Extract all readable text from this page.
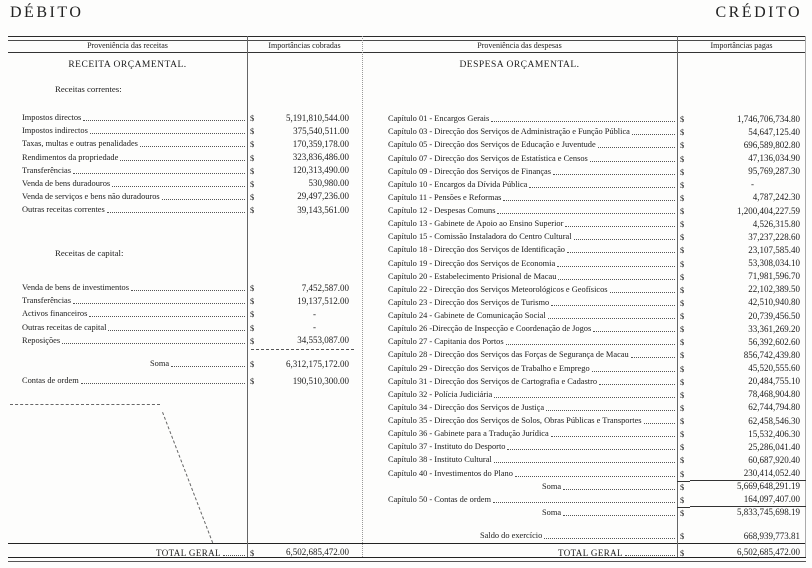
DÉBITO	CRÉDITO
Proveniência das receitas	Importâncias cobradas	Proveniência das despesas	Importâncias pagas
RECEITA ORÇAMENTAL.
Receitas correntes:
Impostos directos	$	5,191,810,544.00
Impostos indirectos	$	375,540,511.00
Taxas, multas e outras penalidades	$	170,359,178.00
Rendimentos da propriedade	$	323,836,486.00
Transferências	$	120,313,490.00
Venda de bens duradouros	$	530,980.00
Venda de serviços e bens não duradouros	$	29,497,236.00
Outras receitas correntes	$	39,143,561.00
Receitas de capital:
Venda de bens de investimentos	$	7,452,587.00
Transferências	$	19,137,512.00
Activos financeiros	$	-
Outras receitas de capital	$	-
Reposições	$	34,553,087.00
Soma	$	6,312,175,172.00
Contas de ordem	$	190,510,300.00
DESPESA ORÇAMENTAL.
Capítulo 01 - Encargos Gerais	$	1,746,706,734.80
Capítulo 03 - Direcção dos Serviços de Administração e Função Pública	$	54,647,125.40
Capítulo 05 - Direcção dos Serviços de Educação e Juventude	$	696,589,802.80
Capítulo 07 - Direcção dos Serviços de Estatística e Censos	$	47,136,034.90
Capítulo 09 - Direcção dos Serviços de Finanças	$	95,769,287.30
Capítulo 10 - Encargos da Dívida Pública	$	-
Capítulo 11 - Pensões e Reformas	$	4,787,242.30
Capítulo 12 - Despesas Comuns	$	1,200,404,227.59
Capítulo 13 - Gabinete de Apoio ao Ensino Superior	$	4,526,315.80
Capítulo 15 - Comissão Instaladora do Centro Cultural	$	37,237,228.60
Capítulo 18 - Direcção dos Serviços de Identificação	$	23,107,585.40
Capítulo 19 - Direcção dos Serviços de Economia	$	53,308,034.10
Capítulo 20 - Estabelecimento Prisional de Macau	$	71,981,596.70
Capítulo 22 - Direcção dos Serviços Meteorológicos e Geofísicos	$	22,102,389.50
Capítulo 23 - Direcção dos Serviços de Turismo	$	42,510,940.80
Capítulo 24 - Gabinete de Comunicação Social	$	20,739,456.50
Capítulo 26 -Direcção de Inspecção e Coordenação de Jogos	$	33,361,269.20
Capítulo 27 - Capitania dos Portos	$	56,392,602.60
Capítulo 28 - Direcção dos Serviços das Forças de Segurança de Macau	$	856,742,439.80
Capítulo 29 - Direcção dos Serviços de Trabalho e Emprego	$	45,520,555.60
Capítulo 31 - Direcção dos Serviços de Cartografia e Cadastro	$	20,484,755.10
Capítulo 32 - Polícia Judiciária	$	78,468,904.80
Capítulo 34 - Direcção dos Serviços de Justiça	$	62,744,794.80
Capítulo 35 - Direcção dos Serviços de Solos, Obras Públicas e Transportes	$	62,458,546.30
Capítulo 36 - Gabinete para a Tradução Jurídica	$	15,532,406.30
Capítulo 37 - Instituto do Desporto	$	25,286,041.40
Capítulo 38 - Instituto Cultural	$	60,687,920.40
Capítulo 40 - Investimentos do Plano	$	230,414,052.40
Soma	$	5,669,648,291.19
Capítulo 50 - Contas de ordem	$	164,097,407.00
Soma	$	5,833,745,698.19
Saldo do exercício	$	668,939,773.81
TOTAL GERAL	$	6,502,685,472.00	TOTAL GERAL	$	6,502,685,472.00
